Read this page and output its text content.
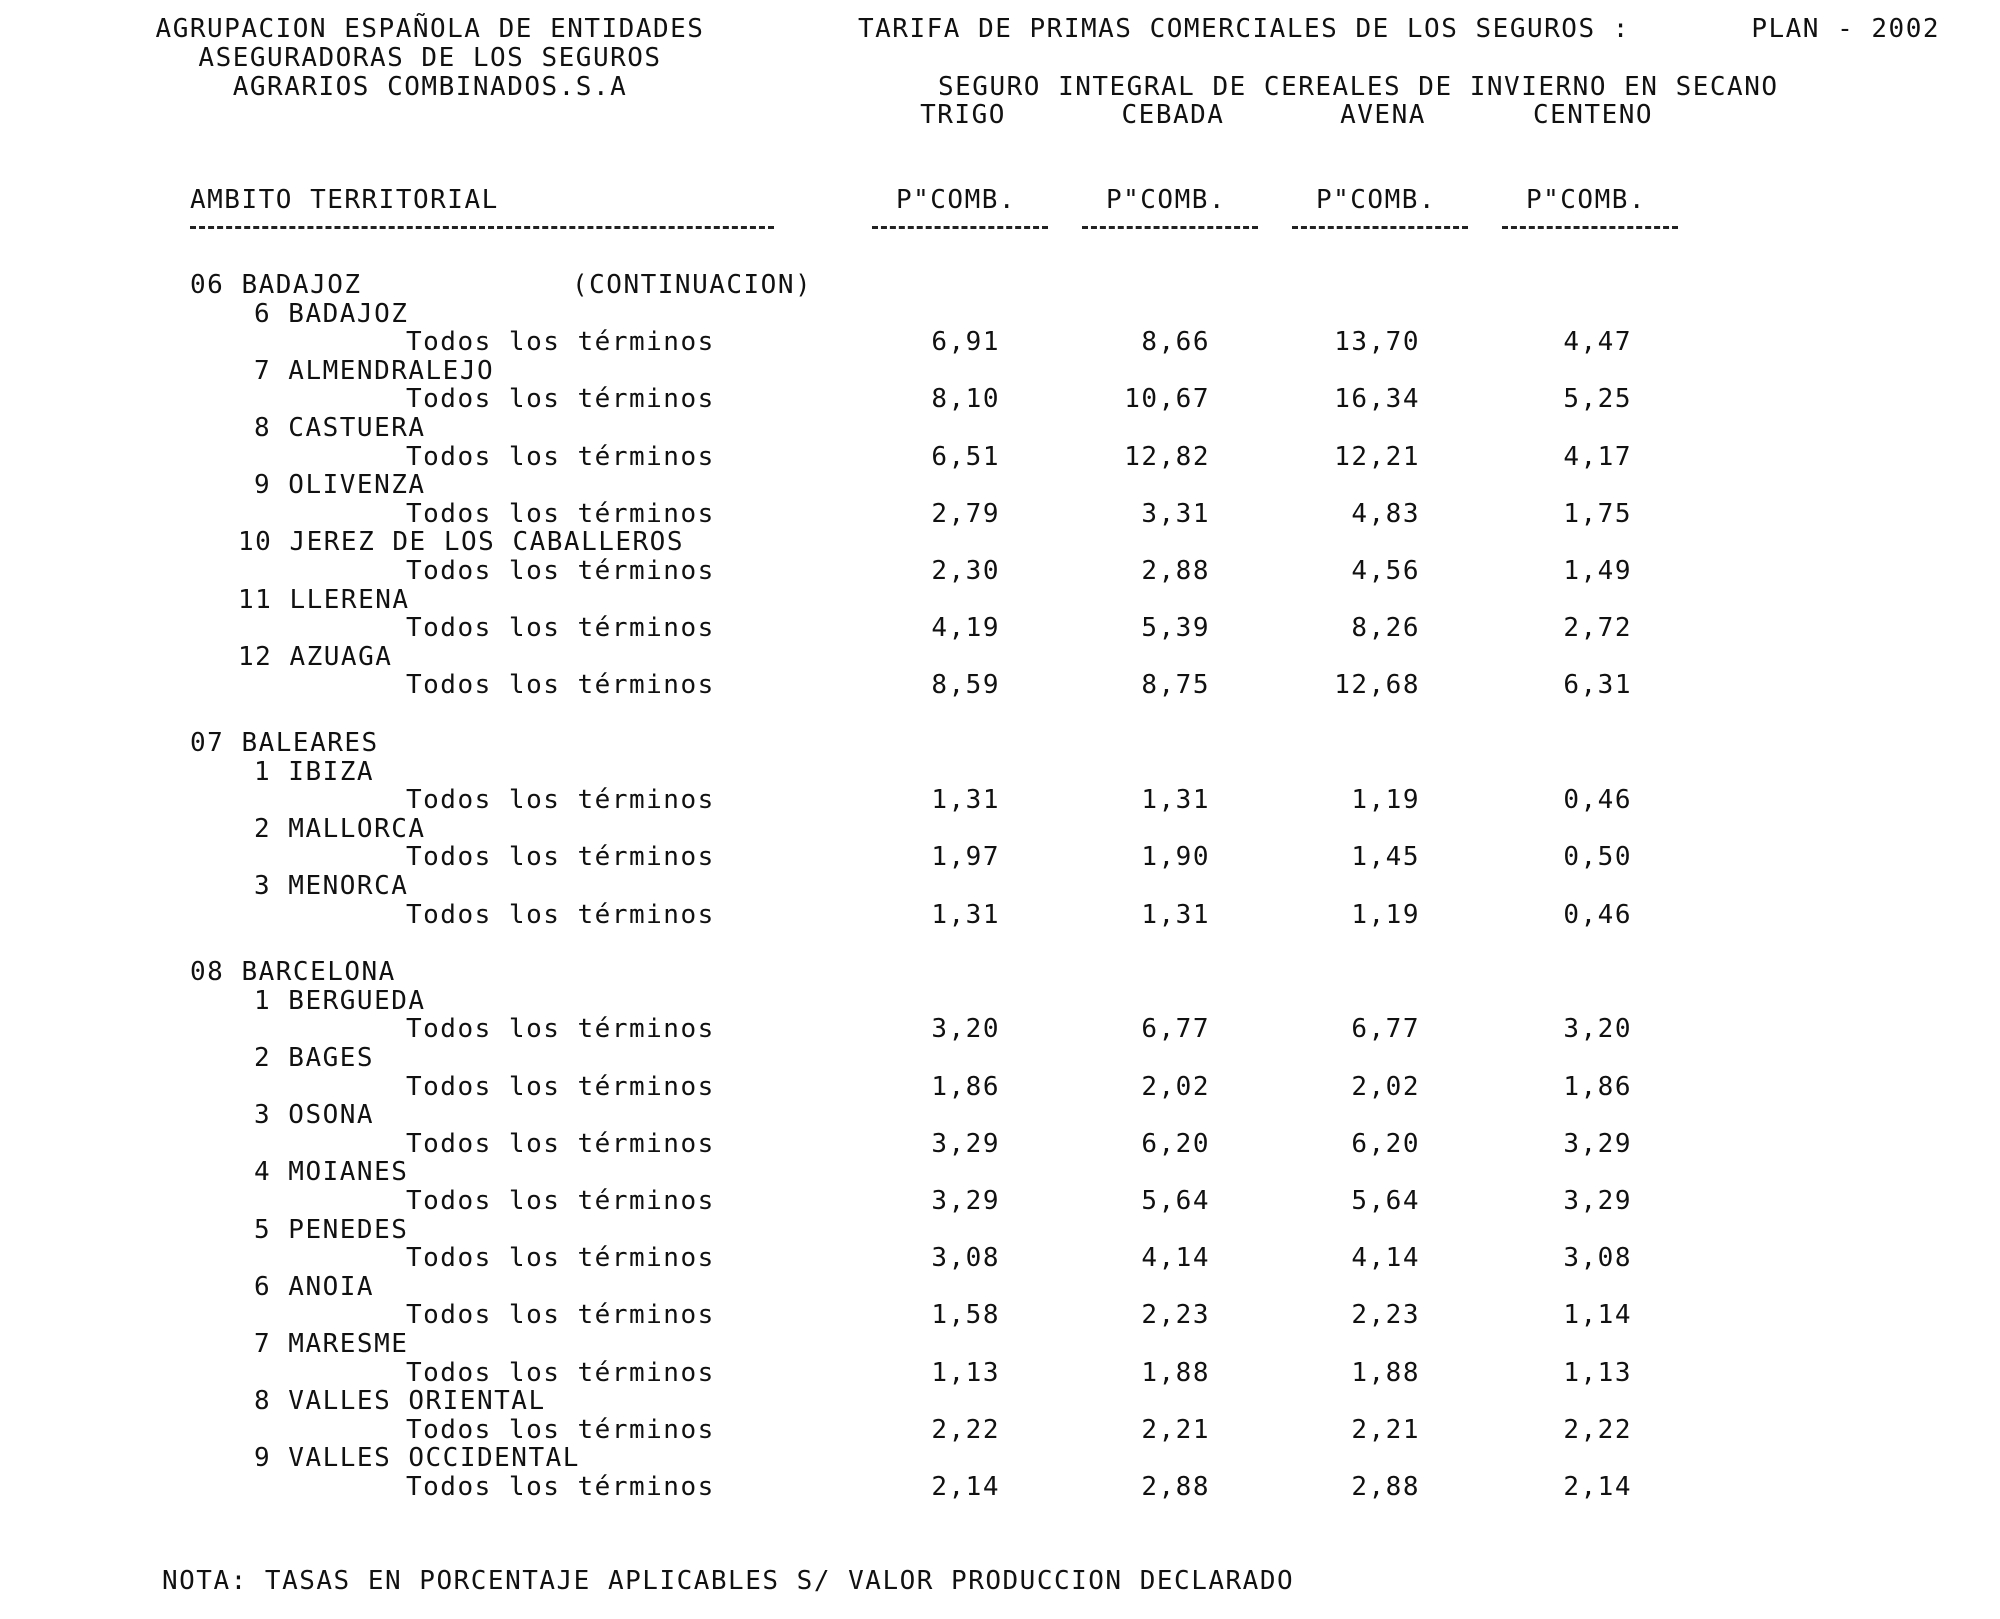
AGRUPACION ESPAÑOLA DE ENTIDADES
ASEGURADORAS DE LOS SEGUROS
AGRARIOS COMBINADOS.S.A
TARIFA DE PRIMAS COMERCIALES DE LOS SEGUROS :	PLAN - 2002
SEGURO INTEGRAL DE CEREALES DE INVIERNO EN SECANO
TRIGO	CEBADA	AVENA	CENTENO
AMBITO TERRITORIAL	P"COMB.	P"COMB.	P"COMB.	P"COMB.
06 BADAJOZ	(CONTINUACION)
6 BADAJOZ
Todos los términos	6,91	8,66	13,70	4,47
7 ALMENDRALEJO
Todos los términos	8,10	10,67	16,34	5,25
8 CASTUERA
Todos los términos	6,51	12,82	12,21	4,17
9 OLIVENZA
Todos los términos	2,79	3,31	4,83	1,75
10 JEREZ DE LOS CABALLEROS
Todos los términos	2,30	2,88	4,56	1,49
11 LLERENA
Todos los términos	4,19	5,39	8,26	2,72
12 AZUAGA
Todos los términos	8,59	8,75	12,68	6,31
07 BALEARES
1 IBIZA
Todos los términos	1,31	1,31	1,19	0,46
2 MALLORCA
Todos los términos	1,97	1,90	1,45	0,50
3 MENORCA
Todos los términos	1,31	1,31	1,19	0,46
08 BARCELONA
1 BERGUEDA
Todos los términos	3,20	6,77	6,77	3,20
2 BAGES
Todos los términos	1,86	2,02	2,02	1,86
3 OSONA
Todos los términos	3,29	6,20	6,20	3,29
4 MOIANES
Todos los términos	3,29	5,64	5,64	3,29
5 PENEDES
Todos los términos	3,08	4,14	4,14	3,08
6 ANOIA
Todos los términos	1,58	2,23	2,23	1,14
7 MARESME
Todos los términos	1,13	1,88	1,88	1,13
8 VALLES ORIENTAL
Todos los términos	2,22	2,21	2,21	2,22
9 VALLES OCCIDENTAL
Todos los términos	2,14	2,88	2,88	2,14
NOTA: TASAS EN PORCENTAJE APLICABLES S/ VALOR PRODUCCION DECLARADO
